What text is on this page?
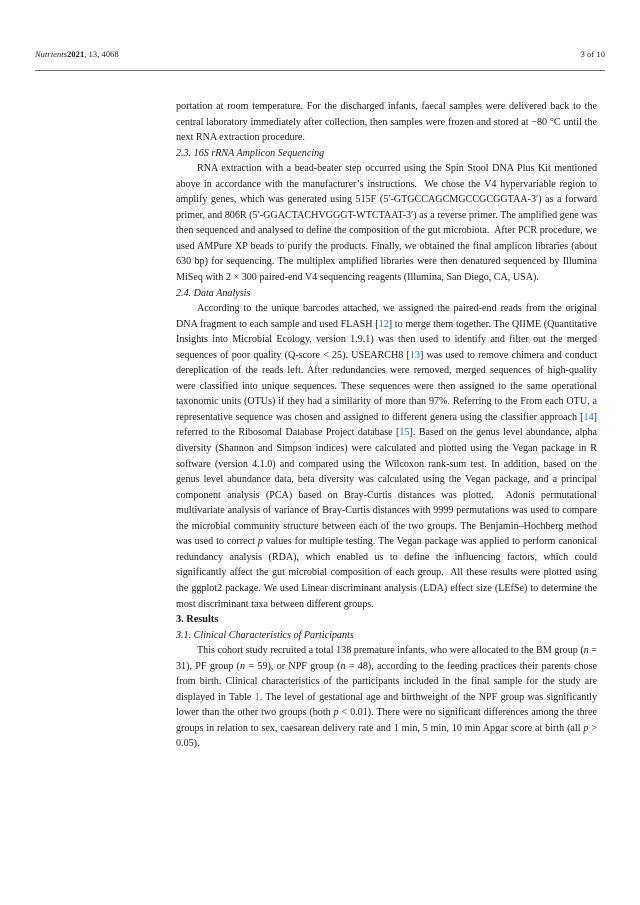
Nutrients2021, 13, 4068	3 of 10

portation at room temperature. For the discharged infants, faecal samples were delivered back to the central laboratory immediately after collection, then samples were frozen and stored at −80 °C until the next RNA extraction procedure.

2.3. 16S rRNA Amplicon Sequencing

RNA extraction with a bead-beater step occurred using the Spin Stool DNA Plus Kit mentioned above in accordance with the manufacturer’s instructions. We chose the V4 hypervariable region to amplify genes, which was generated using 515F (5′-GTGCCAGCMGCCGCGGTAA-3′) as a forward primer, and 806R (5′-GGACTACHVGGGT-WTCTAAT-3′) as a reverse primer. The amplified gene was then sequenced and analysed to define the composition of the gut microbiota. After PCR procedure, we used AMPure XP beads to purify the products. Finally, we obtained the final amplicon libraries (about 630 bp) for sequencing. The multiplex amplified libraries were then denatured sequenced by Illumina MiSeq with 2 × 300 paired-end V4 sequencing reagents (Illumina, San Diego, CA, USA).

2.4. Data Analysis

According to the unique barcodes attached, we assigned the paired-end reads from the original DNA fragment to each sample and used FLASH [12] to merge them together. The QIIME (Quantitative Insights into Microbial Ecology, version 1.9.1) was then used to identify and filter out the merged sequences of poor quality (Q-score < 25). USEARCH8 [13] was used to remove chimera and conduct dereplication of the reads left. After redundancies were removed, merged sequences of high-quality were classified into unique sequences. These sequences were then assigned to the same operational taxonomic units (OTUs) if they had a similarity of more than 97%. Referring to the From each OTU, a representative sequence was chosen and assigned to different genera using the classifier approach [14] referred to the Ribosomal Database Project database [15]. Based on the genus level abundance, alpha diversity (Shannon and Simpson indices) were calculated and plotted using the Vegan package in R software (version 4.1.0) and compared using the Wilcoxon rank-sum test. In addition, based on the genus level abundance data, beta diversity was calculated using the Vegan package, and a principal component analysis (PCA) based on Bray-Curtis distances was plotted. Adonis permutational multivariate analysis of variance of Bray-Curtis distances with 9999 permutations was used to compare the microbial community structure between each of the two groups. The Benjamin–Hochberg method was used to correct p values for multiple testing. The Vegan package was applied to perform canonical redundancy analysis (RDA), which enabled us to define the influencing factors, which could significantly affect the gut microbial composition of each group. All these results were plotted using the ggplot2 package. We used Linear discriminant analysis (LDA) effect size (LEfSe) to determine the most discriminant taxa between different groups.

3. Results
3.1. Clinical Characteristics of Participants

This cohort study recruited a total 138 premature infants, who were allocated to the BM group (n = 31), PF group (n = 59), or NPF group (n = 48), according to the feeding practices their parents chose from birth. Clinical characteristics of the participants included in the final sample for the study are displayed in Table 1. The level of gestational age and birthweight of the NPF group was significantly lower than the other two groups (both p < 0.01). There were no significant differences among the three groups in relation to sex, caesarean delivery rate and 1 min, 5 min, 10 min Apgar score at birth (all p > 0.05).
